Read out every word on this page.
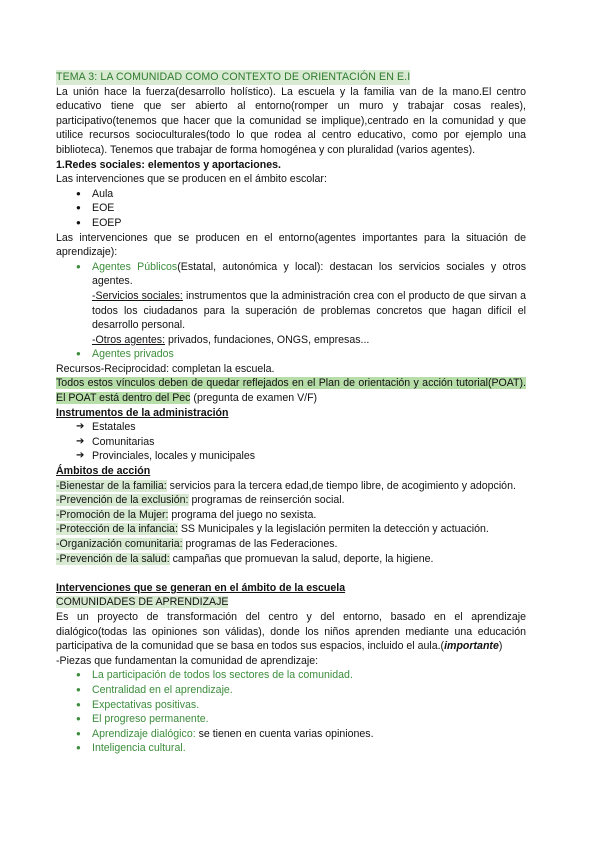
TEMA 3: LA COMUNIDAD COMO CONTEXTO DE ORIENTACIÓN EN E.I

La unión hace la fuerza(desarrollo holístico). La escuela y la familia van de la mano.El centro educativo tiene que ser abierto al entorno(romper un muro y trabajar cosas reales), participativo(tenemos que hacer que la comunidad se implique),centrado en la comunidad y que utilice recursos socioculturales(todo lo que rodea al centro educativo, como por ejemplo una biblioteca). Tenemos que trabajar de forma homogénea y con pluralidad (varios agentes).

1.Redes sociales: elementos y aportaciones.

Las intervenciones que se producen en el ámbito escolar:

● Aula
● EOE
● EOEP

Las intervenciones que se producen en el entorno(agentes importantes para la situación de aprendizaje):

● Agentes Públicos(Estatal, autonómica y local): destacan los servicios sociales y otros agentes.

-Servicios sociales: instrumentos que la administración crea con el producto de que sirvan a todos los ciudadanos para la superación de problemas concretos que hagan difícil el desarrollo personal.

-Otros agentes: privados, fundaciones, ONGS, empresas...

● Agentes privados

Recursos-Reciprocidad: completan la escuela.

Todos estos vínculos deben de quedar reflejados en el Plan de orientación y acción tutorial(POAT). El POAT está dentro del Pec (pregunta de examen V/F)

Instrumentos de la administración

➔ Estatales
➔ Comunitarias
➔ Provinciales, locales y municipales

Ámbitos de acción

-Bienestar de la familia: servicios para la tercera edad,de tiempo libre, de acogimiento y adopción.

-Prevención de la exclusión: programas de reinserción social.

-Promoción de la Mujer: programa del juego no sexista.

-Protección de la infancia: SS Municipales y la legislación permiten la detección y actuación.

-Organización comunitaria: programas de las Federaciones.

-Prevención de la salud: campañas que promuevan la salud, deporte, la higiene.

Intervenciones que se generan en el ámbito de la escuela

COMUNIDADES DE APRENDIZAJE

Es un proyecto de transformación del centro y del entorno, basado en el aprendizaje dialógico(todas las opiniones son válidas), donde los niños aprenden mediante una educación participativa de la comunidad que se basa en todos sus espacios, incluido el aula.(importante)

-Piezas que fundamentan la comunidad de aprendizaje:

● La participación de todos los sectores de la comunidad.
● Centralidad en el aprendizaje.
● Expectativas positivas.
● El progreso permanente.
● Aprendizaje dialógico: se tienen en cuenta varias opiniones.
● Inteligencia cultural.
